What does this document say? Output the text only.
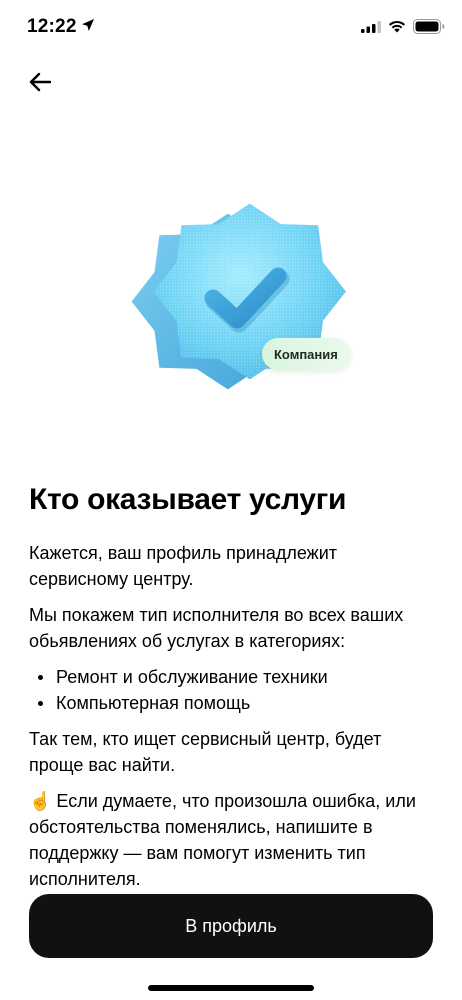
12:22
Компания
Кто оказывает услуги

Кажется, ваш профиль принадлежит сервисному центру.

Мы покажем тип исполнителя во всех ваших обьявлениях об услугах в категориях:

Ремонт и обслуживание техники
Компьютерная помощь

Так тем, кто ищет сервисный центр, будет проще вас найти.

☝️ Если думаете, что произошла ошибка, или обстоятельства поменялись, напишите в поддержку — вам помогут изменить тип исполнителя.

В профиль
